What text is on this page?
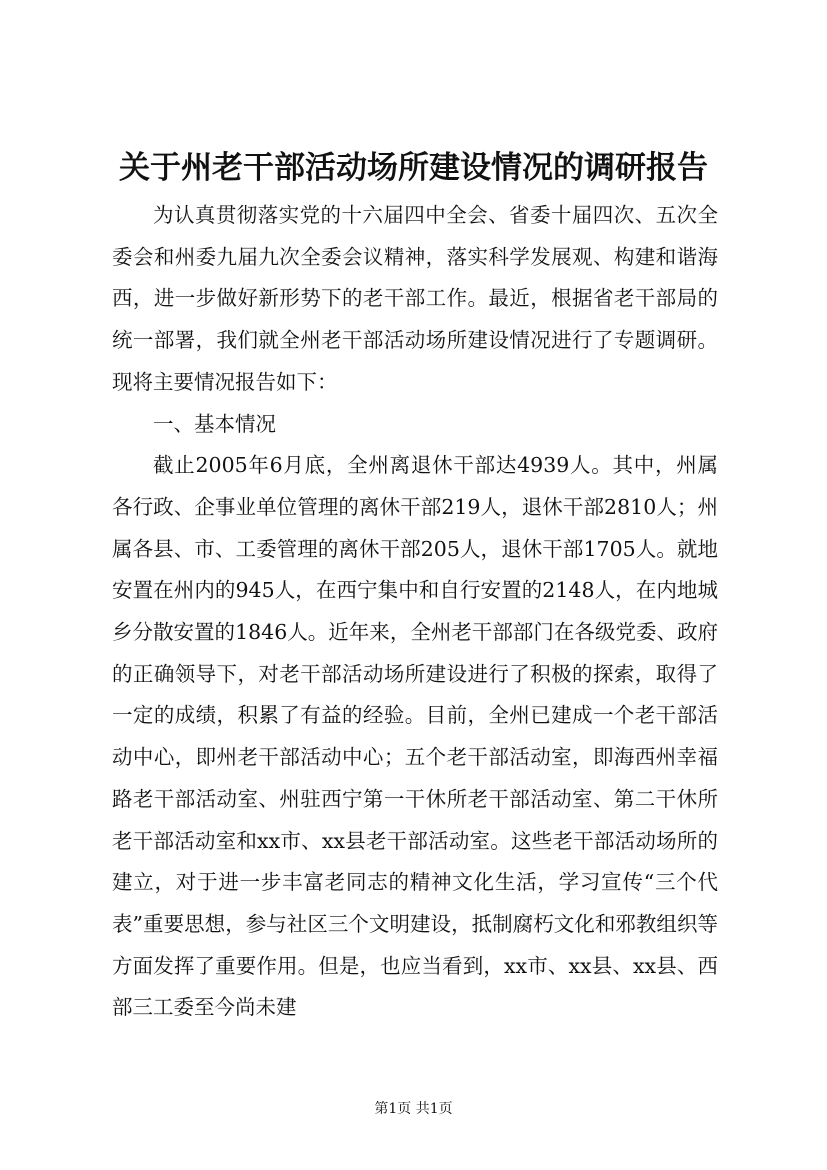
关于州老干部活动场所建设情况的调研报告

为认真贯彻落实党的十六届四中全会、省委十届四次、五次全委会和州委九届九次全委会议精神，落实科学发展观、构建和谐海西，进一步做好新形势下的老干部工作。最近，根据省老干部局的统一部署，我们就全州老干部活动场所建设情况进行了专题调研。现将主要情况报告如下：

一、基本情况

截止2005年6月底，全州离退休干部达4939人。其中，州属各行政、企事业单位管理的离休干部219人，退休干部2810人；州属各县、市、工委管理的离休干部205人，退休干部1705人。就地安置在州内的945人，在西宁集中和自行安置的2148人，在内地城乡分散安置的1846人。近年来，全州老干部部门在各级党委、政府的正确领导下，对老干部活动场所建设进行了积极的探索，取得了一定的成绩，积累了有益的经验。目前，全州已建成一个老干部活动中心，即州老干部活动中心；五个老干部活动室，即海西州幸福路老干部活动室、州驻西宁第一干休所老干部活动室、第二干休所老干部活动室和xx市、xx县老干部活动室。这些老干部活动场所的建立，对于进一步丰富老同志的精神文化生活，学习宣传“三个代表”重要思想，参与社区三个文明建设，抵制腐朽文化和邪教组织等方面发挥了重要作用。但是，也应当看到，xx市、xx县、xx县、西部三工委至今尚未建

第1页 共1页
